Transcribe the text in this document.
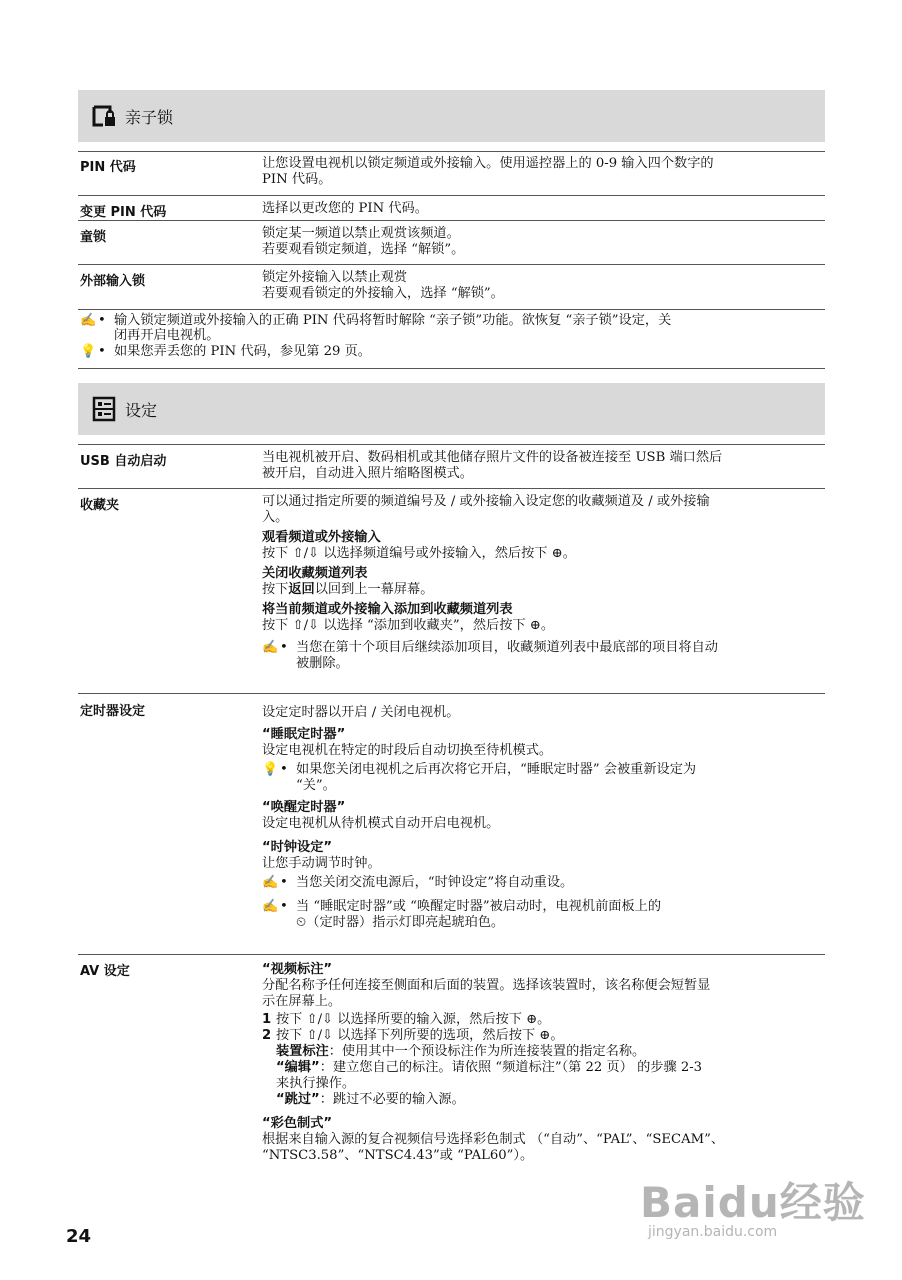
亲子锁
PIN 代码	让您设置电视机以锁定频道或外接输入。使用遥控器上的 0-9 输入四个数字的

PIN 代码。

变更 PIN 代码	选择以更改您的 PIN 代码。

童锁	锁定某一频道以禁止观赏该频道。

若要观看锁定频道，选择 “解锁”。

外部输入锁	锁定外接输入以禁止观赏

若要观看锁定的外接输入，选择 “解锁”。

✍ • 输入锁定频道或外接输入的正确 PIN 代码将暂时解除 “亲子锁”功能。欲恢复 “亲子锁”设定，关
闭再开启电视机。
💡 • 如果您弄丢您的 PIN 代码，参见第 29 页。
设定
USB 自动启动	当电视机被开启、数码相机或其他储存照片文件的设备被连接至 USB 端口然后

被开启，自动进入照片缩略图模式。

收藏夹	可以通过指定所要的频道编号及 / 或外接输入设定您的收藏频道及 / 或外接输

入。

观看频道或外接输入

按下 ⇧/⇩ 以选择频道编号或外接输入，然后按下 ⊕。

关闭收藏频道列表

按下返回以回到上一幕屏幕。

将当前频道或外接输入添加到收藏频道列表

按下 ⇧/⇩ 以选择 “添加到收藏夹”，然后按下 ⊕。

✍ • 当您在第十个项目后继续添加项目，收藏频道列表中最底部的项目将自动
被删除。
定时器设定	设定定时器以开启 / 关闭电视机。

“睡眠定时器”

设定电视机在特定的时段后自动切换至待机模式。

💡 • 如果您关闭电视机之后再次将它开启，“睡眠定时器” 会被重新设定为
“关”。

“唤醒定时器”

设定电视机从待机模式自动开启电视机。

“时钟设定”

让您手动调节时钟。

✍ • 当您关闭交流电源后，“时钟设定”将自动重设。
✍ • 当 “睡眠定时器”或 “唤醒定时器”被启动时，电视机前面板上的
⏲（定时器）指示灯即亮起琥珀色。
AV 设定	“视频标注”

分配名称予任何连接至侧面和后面的装置。选择该装置时，该名称便会短暂显

示在屏幕上。

1 按下 ⇧/⇩ 以选择所要的输入源，然后按下 ⊕。
2 按下 ⇧/⇩ 以选择下列所要的选项，然后按下 ⊕。

装置标注：使用其中一个预设标注作为所连接装置的指定名称。

“编辑”：建立您自己的标注。请依照 “频道标注”（第 22 页） 的步骤 2-3

来执行操作。

“跳过”：跳过不必要的输入源。

“彩色制式”

根据来自输入源的复合视频信号选择彩色制式 （“自动”、“PAL”、“SECAM”、

“NTSC3.58”、“NTSC4.43”或 “PAL60”）。

24
Baidu经验
jingyan.baidu.com
